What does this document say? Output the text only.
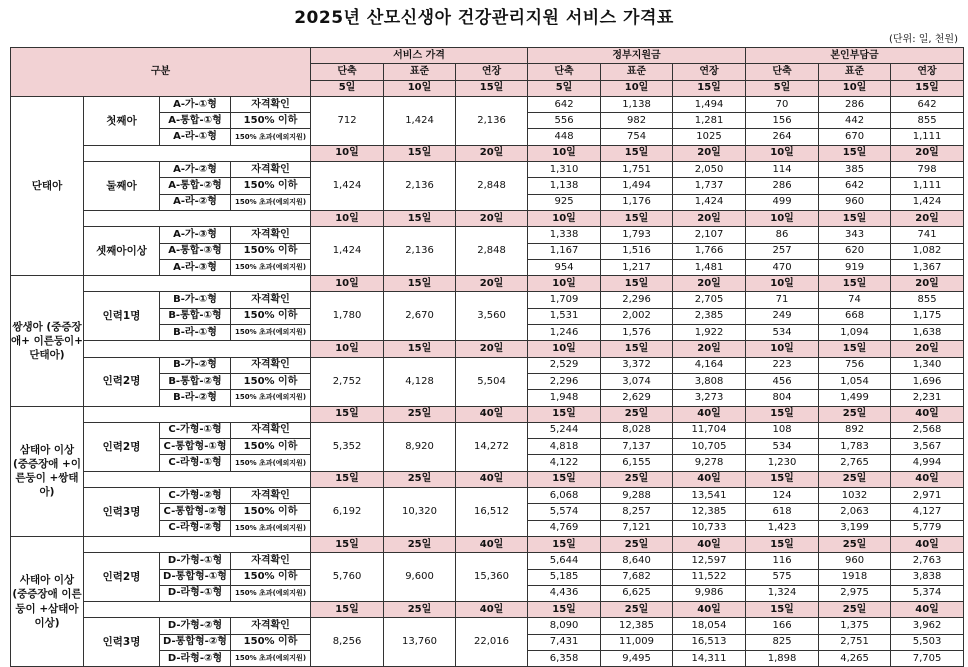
2025년 산모신생아 건강관리지원 서비스 가격표
(단위: 일, 천원)
구분				서비스 가격			정부지원금			본인부담금		
				단축	표준	연장	단축	표준	연장	단축	표준	연장
				5일	10일	15일	5일	10일	15일	5일	10일	15일
단태아	첫째아	A-가-①형	자격확인	712	1,424	2,136	642	1,138	1,494	70	286	642
		A-통합-①형	150% 이하				556	982	1,281	156	442	855
		A-라-①형	150% 초과(예외지원)				448	754	1025	264	670	1,111
				10일	15일	20일	10일	15일	20일	10일	15일	20일
	둘째아	A-가-②형	자격확인	1,424	2,136	2,848	1,310	1,751	2,050	114	385	798
		A-통합-②형	150% 이하				1,138	1,494	1,737	286	642	1,111
		A-라-②형	150% 초과(예외지원)				925	1,176	1,424	499	960	1,424
				10일	15일	20일	10일	15일	20일	10일	15일	20일
	셋째아이상	A-가-③형	자격확인	1,424	2,136	2,848	1,338	1,793	2,107	86	343	741
		A-통합-③형	150% 이하				1,167	1,516	1,766	257	620	1,082
		A-라-③형	150% 초과(예외지원)				954	1,217	1,481	470	919	1,367
쌍생아 (중증장애+ 이른둥이+ 단태아)				10일	15일	20일	10일	15일	20일	10일	15일	20일
	인력1명	B-가-①형	자격확인	1,780	2,670	3,560	1,709	2,296	2,705	71	74	855
		B-통합-①형	150% 이하				1,531	2,002	2,385	249	668	1,175
		B-라-①형	150% 초과(예외지원)				1,246	1,576	1,922	534	1,094	1,638
				10일	15일	20일	10일	15일	20일	10일	15일	20일
	인력2명	B-가-②형	자격확인	2,752	4,128	5,504	2,529	3,372	4,164	223	756	1,340
		B-통합-②형	150% 이하				2,296	3,074	3,808	456	1,054	1,696
		B-라-②형	150% 초과(예외지원)				1,948	2,629	3,273	804	1,499	2,231
삼태아 이상 (중증장애 +이른둥이 +쌍태아)				15일	25일	40일	15일	25일	40일	15일	25일	40일
	인력2명	C-가형-①형	자격확인	5,352	8,920	14,272	5,244	8,028	11,704	108	892	2,568
		C-통합형-①형	150% 이하				4,818	7,137	10,705	534	1,783	3,567
		C-라형-①형	150% 초과(예외지원)				4,122	6,155	9,278	1,230	2,765	4,994
				15일	25일	40일	15일	25일	40일	15일	25일	40일
	인력3명	C-가형-②형	자격확인	6,192	10,320	16,512	6,068	9,288	13,541	124	1032	2,971
		C-통합형-②형	150% 이하				5,574	8,257	12,385	618	2,063	4,127
		C-라형-②형	150% 초과(예외지원)				4,769	7,121	10,733	1,423	3,199	5,779
사태아 이상 (중증장애 이른둥이 +삼태아 이상)				15일	25일	40일	15일	25일	40일	15일	25일	40일
	인력2명	D-가형-①형	자격확인	5,760	9,600	15,360	5,644	8,640	12,597	116	960	2,763
		D-통합형-①형	150% 이하				5,185	7,682	11,522	575	1918	3,838
		D-라형-①형	150% 초과(예외지원)				4,436	6,625	9,986	1,324	2,975	5,374
				15일	25일	40일	15일	25일	40일	15일	25일	40일
	인력3명	D-가형-②형	자격확인	8,256	13,760	22,016	8,090	12,385	18,054	166	1,375	3,962
		D-통합형-②형	150% 이하				7,431	11,009	16,513	825	2,751	5,503
		D-라형-②형	150% 초과(예외지원)				6,358	9,495	14,311	1,898	4,265	7,705
